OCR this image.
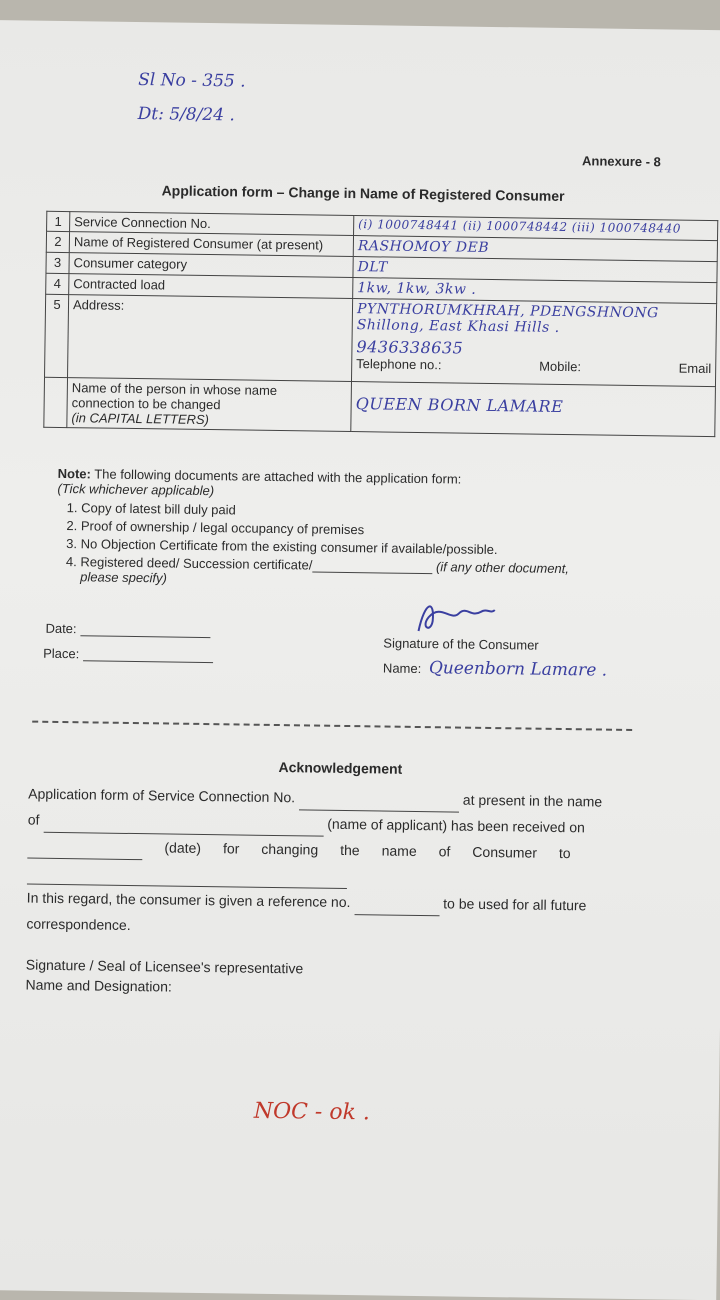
Sl No - 355 .
Dt: 5/8/24 .
Annexure - 8
Application form – Change in Name of Registered Consumer
1	Service Connection No.	(i) 1000748441 (ii) 1000748442 (iii) 1000748440
2	Name of Registered Consumer (at present)	RASHOMOY DEB
3	Consumer category	DLT
4	Contracted load	1kw, 1kw, 3kw .
5	Address:	PYNTHORUMKHRAH, PDENGSHNONG Shillong, East Khasi Hills .
9436338635
Telephone no.: Mobile: Email

	Name of the person in whose name
connection to be changed
(in CAPITAL LETTERS)	QUEEN BORN LAMARE
Note: The following documents are attached with the application form:
(Tick whichever applicable)
1. Copy of latest bill duly paid
2. Proof of ownership / legal occupancy of premises
3. No Objection Certificate from the existing consumer if available/possible.
4. Registered deed/ Succession certificate/	(if any other document,
please specify)
Date:
Place:
Signature of the Consumer
Name: Queenborn Lamare .
Acknowledgement
Application form of Service Connection No.	at present in the name
of	(name of applicant) has been received on
(date) for changing the name of Consumer to
In this regard, the consumer is given a reference no.	to be used for all future
correspondence.
Signature / Seal of Licensee's representative
Name and Designation:
NOC - ok .
